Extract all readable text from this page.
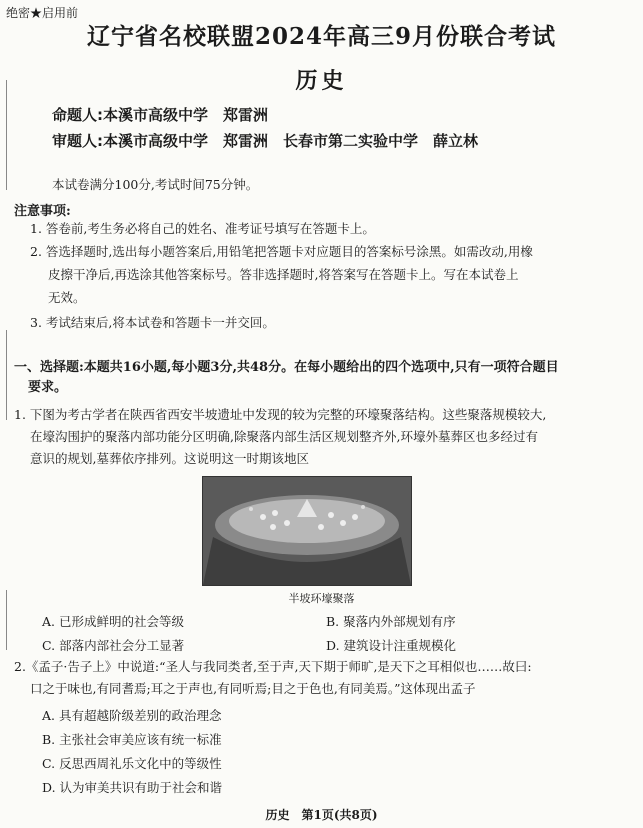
绝密★启用前
辽宁省名校联盟2024年高三9月份联合考试
历史
命题人:本溪市高级中学　郑雷洲
审题人:本溪市高级中学　郑雷洲　长春市第二实验中学　薛立林
本试卷满分100分,考试时间75分钟。
注意事项:
1. 答卷前,考生务必将自己的姓名、准考证号填写在答题卡上。
2. 答选择题时,选出每小题答案后,用铅笔把答题卡对应题目的答案标号涂黑。如需改动,用橡
皮擦干净后,再选涂其他答案标号。答非选择题时,将答案写在答题卡上。写在本试卷上
无效。
3. 考试结束后,将本试卷和答题卡一并交回。
一、选择题:本题共16小题,每小题3分,共48分。在每小题给出的四个选项中,只有一项符合题目
要求。
1. 下图为考古学者在陕西省西安半坡遗址中发现的较为完整的环壕聚落结构。这些聚落规模较大,
在壕沟围护的聚落内部功能分区明确,除聚落内部生活区规划整齐外,环壕外墓葬区也多经过有
意识的规划,墓葬依序排列。这说明这一时期该地区
半坡环壕聚落
A. 已形成鲜明的社会等级	B. 聚落内外部规划有序
C. 部落内部社会分工显著	D. 建筑设计注重规模化
2.《孟子·告子上》中说道:“圣人与我同类者,至于声,天下期于师旷,是天下之耳相似也……故曰:
口之于味也,有同耆焉;耳之于声也,有同听焉;目之于色也,有同美焉。”这体现出孟子
A. 具有超越阶级差别的政治理念
B. 主张社会审美应该有统一标准
C. 反思西周礼乐文化中的等级性
D. 认为审美共识有助于社会和谐
历史　第1页(共8页)
